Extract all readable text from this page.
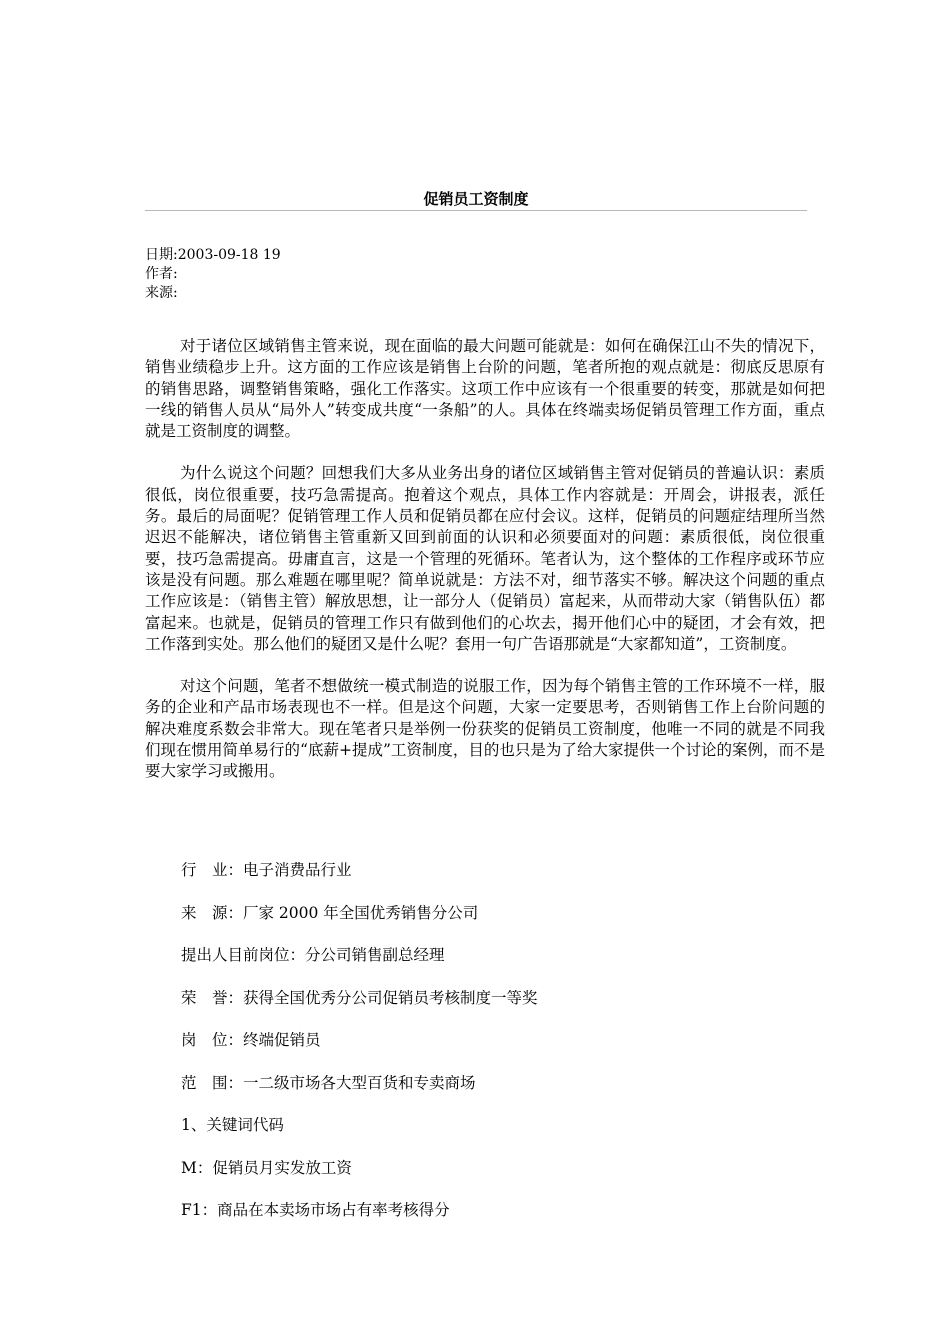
促销员工资制度
日期:2003-09-18 19
作者:
来源:

对于诸位区域销售主管来说，现在面临的最大问题可能就是：如何在确保江山不失的情况下，销售业绩稳步上升。这方面的工作应该是销售上台阶的问题，笔者所抱的观点就是：彻底反思原有的销售思路，调整销售策略，强化工作落实。这项工作中应该有一个很重要的转变，那就是如何把一线的销售人员从“局外人”转变成共度“一条船”的人。具体在终端卖场促销员管理工作方面，重点就是工资制度的调整。

为什么说这个问题？回想我们大多从业务出身的诸位区域销售主管对促销员的普遍认识：素质很低，岗位很重要，技巧急需提高。抱着这个观点，具体工作内容就是：开周会，讲报表，派任务。最后的局面呢？促销管理工作人员和促销员都在应付会议。这样，促销员的问题症结理所当然迟迟不能解决，诸位销售主管重新又回到前面的认识和必须要面对的问题：素质很低，岗位很重要，技巧急需提高。毋庸直言，这是一个管理的死循环。笔者认为，这个整体的工作程序或环节应该是没有问题。那么难题在哪里呢？简单说就是：方法不对，细节落实不够。解决这个问题的重点工作应该是：（销售主管）解放思想，让一部分人（促销员）富起来，从而带动大家（销售队伍）都富起来。也就是，促销员的管理工作只有做到他们的心坎去，揭开他们心中的疑团，才会有效，把工作落到实处。那么他们的疑团又是什么呢？套用一句广告语那就是“大家都知道”，工资制度。

对这个问题，笔者不想做统一模式制造的说服工作，因为每个销售主管的工作环境不一样，服务的企业和产品市场表现也不一样。但是这个问题，大家一定要思考，否则销售工作上台阶问题的解决难度系数会非常大。现在笔者只是举例一份获奖的促销员工资制度，他唯一不同的就是不同我们现在惯用简单易行的“底薪+提成”工资制度，目的也只是为了给大家提供一个讨论的案例，而不是要大家学习或搬用。

行　业：电子消费品行业
来　源：厂家 2000 年全国优秀销售分公司
提出人目前岗位：分公司销售副总经理
荣　誉：获得全国优秀分公司促销员考核制度一等奖
岗　位：终端促销员
范　围：一二级市场各大型百货和专卖商场
1、关键词代码
M：促销员月实发放工资
F1：商品在本卖场市场占有率考核得分
